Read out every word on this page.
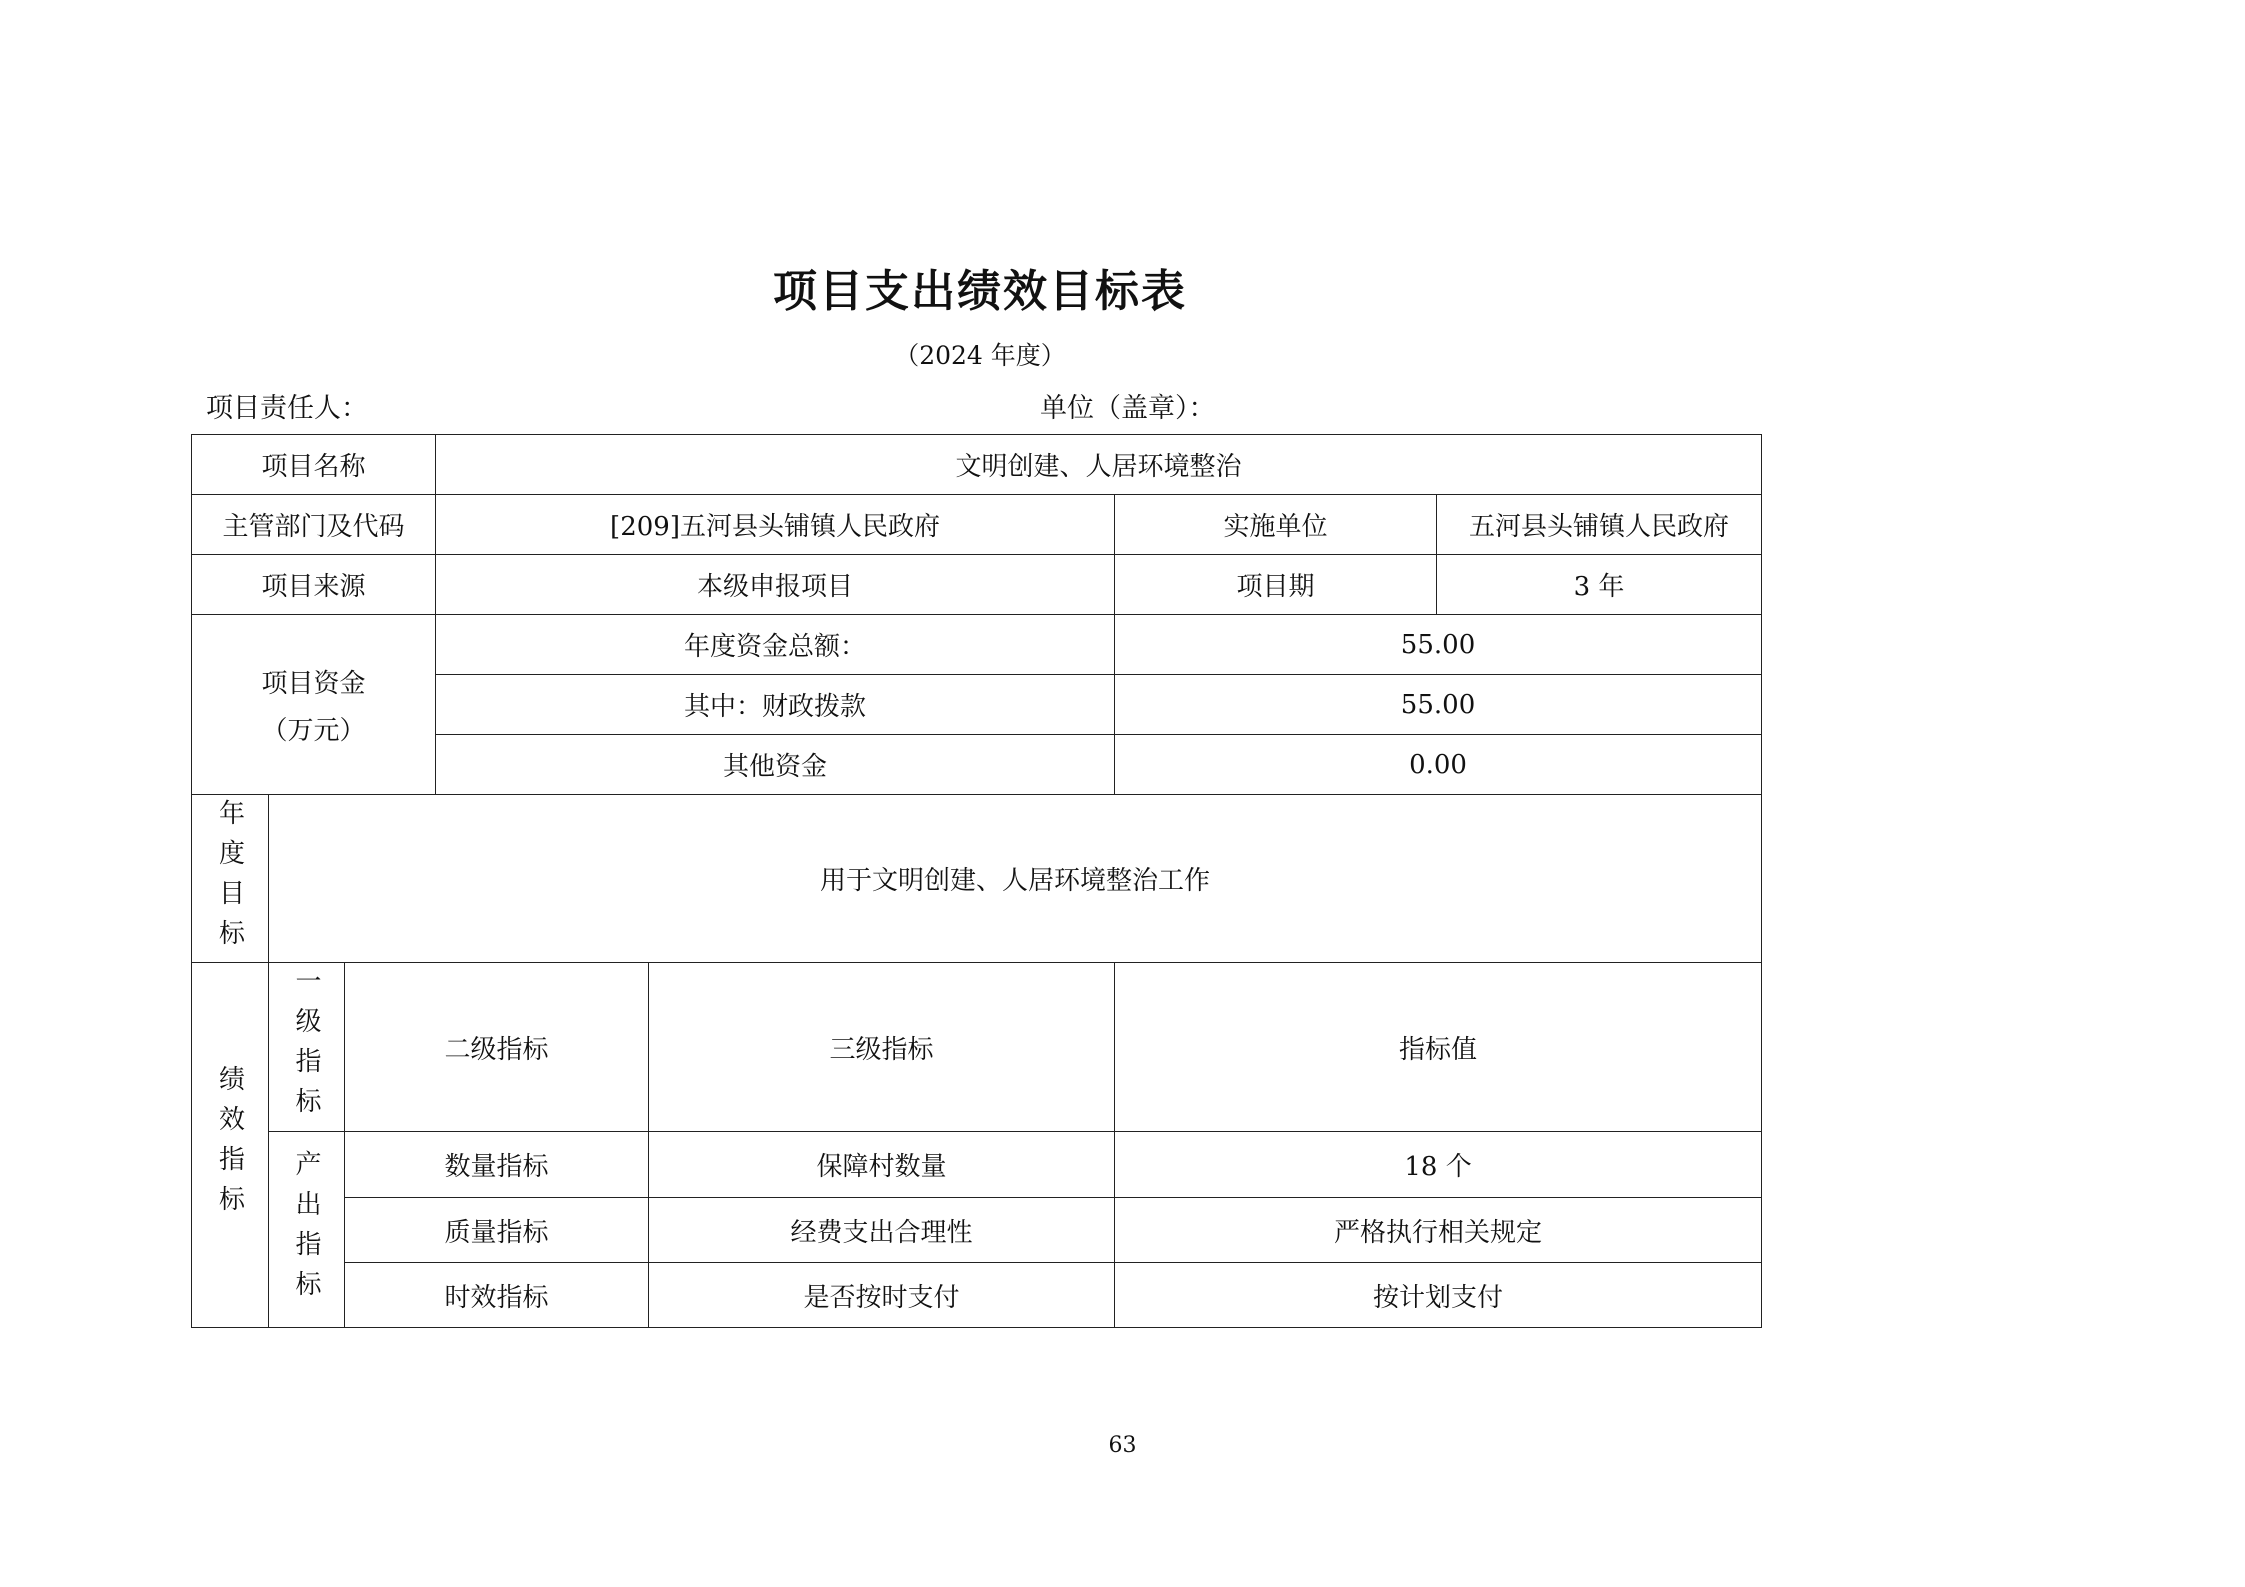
项目支出绩效目标表
（2024 年度）
项目责任人：	单位（盖章）：
项目名称			文明创建、人居环境整治			
主管部门及代码			[209]五河县头铺镇人民政府		实施单位	五河县头铺镇人民政府
项目来源			本级申报项目		项目期	3 年

项目资金
（万元）			年度资金总额：		55.00	
			其中：财政拨款		55.00	
			其他资金		0.00	

年度目标	用于文明创建、人居环境整治工作					

绩效指标	一级指标	二级指标		三级指标	指标值	

	产出指标	数量指标		保障村数量	18 个	
		质量指标		经费支出合理性	严格执行相关规定	
		时效指标		是否按时支付	按计划支付	
63
